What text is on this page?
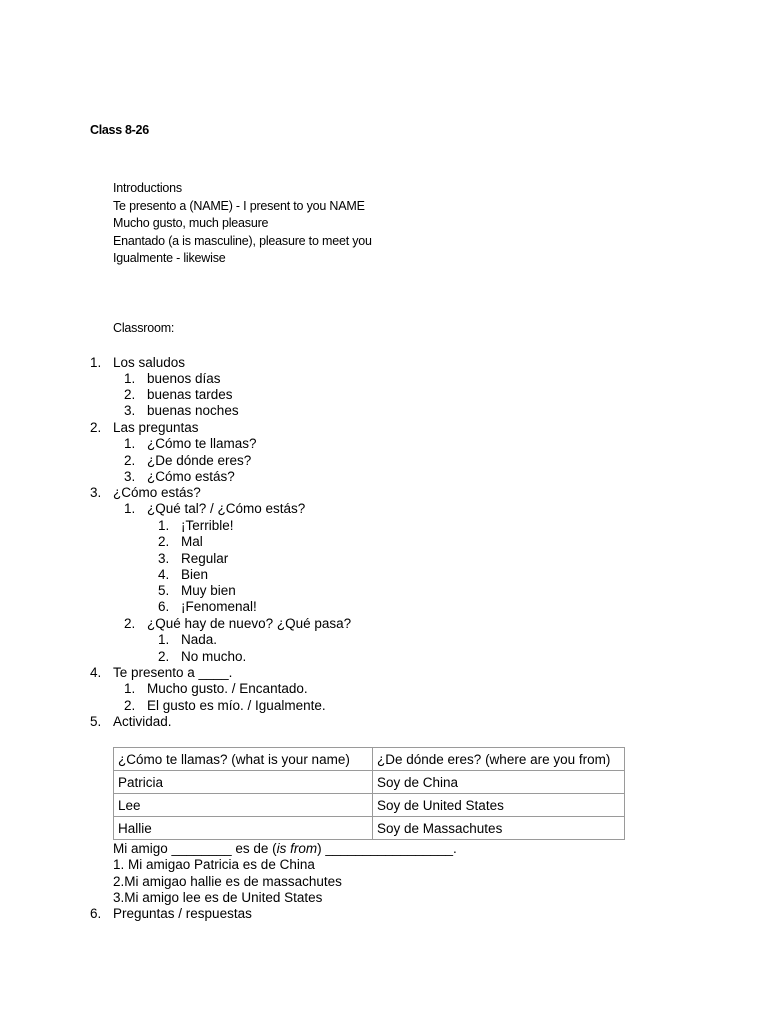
Class 8-26
Introductions
Te presento a (NAME) - I present to you NAME
Mucho gusto, much pleasure
Enantado (a is masculine), pleasure to meet you
Igualmente - likewise
Classroom:
1. Los saludos
1. buenos días
2. buenas tardes
3. buenas noches
2. Las preguntas
1. ¿Cómo te llamas?
2. ¿De dónde eres?
3. ¿Cómo estás?
3. ¿Cómo estás?
1. ¿Qué tal? / ¿Cómo estás?
1. ¡Terrible!
2. Mal
3. Regular
4. Bien
5. Muy bien
6. ¡Fenomenal!
2. ¿Qué hay de nuevo? ¿Qué pasa?
1. Nada.
2. No mucho.
4. Te presento a ____.
1. Mucho gusto. / Encantado.
2. El gusto es mío. / Igualmente.
5. Actividad.
¿Cómo te llamas? (what is your name)	¿De dónde eres? (where are you from)
Patricia	Soy de China
Lee	Soy de United States
Hallie	Soy de Massachutes
Mi amigo ________ es de (is from) _________________.
1. Mi amigao Patricia es de China
2.Mi amigao hallie es de massachutes
3.Mi amigo lee es de United States
6. Preguntas / respuestas
